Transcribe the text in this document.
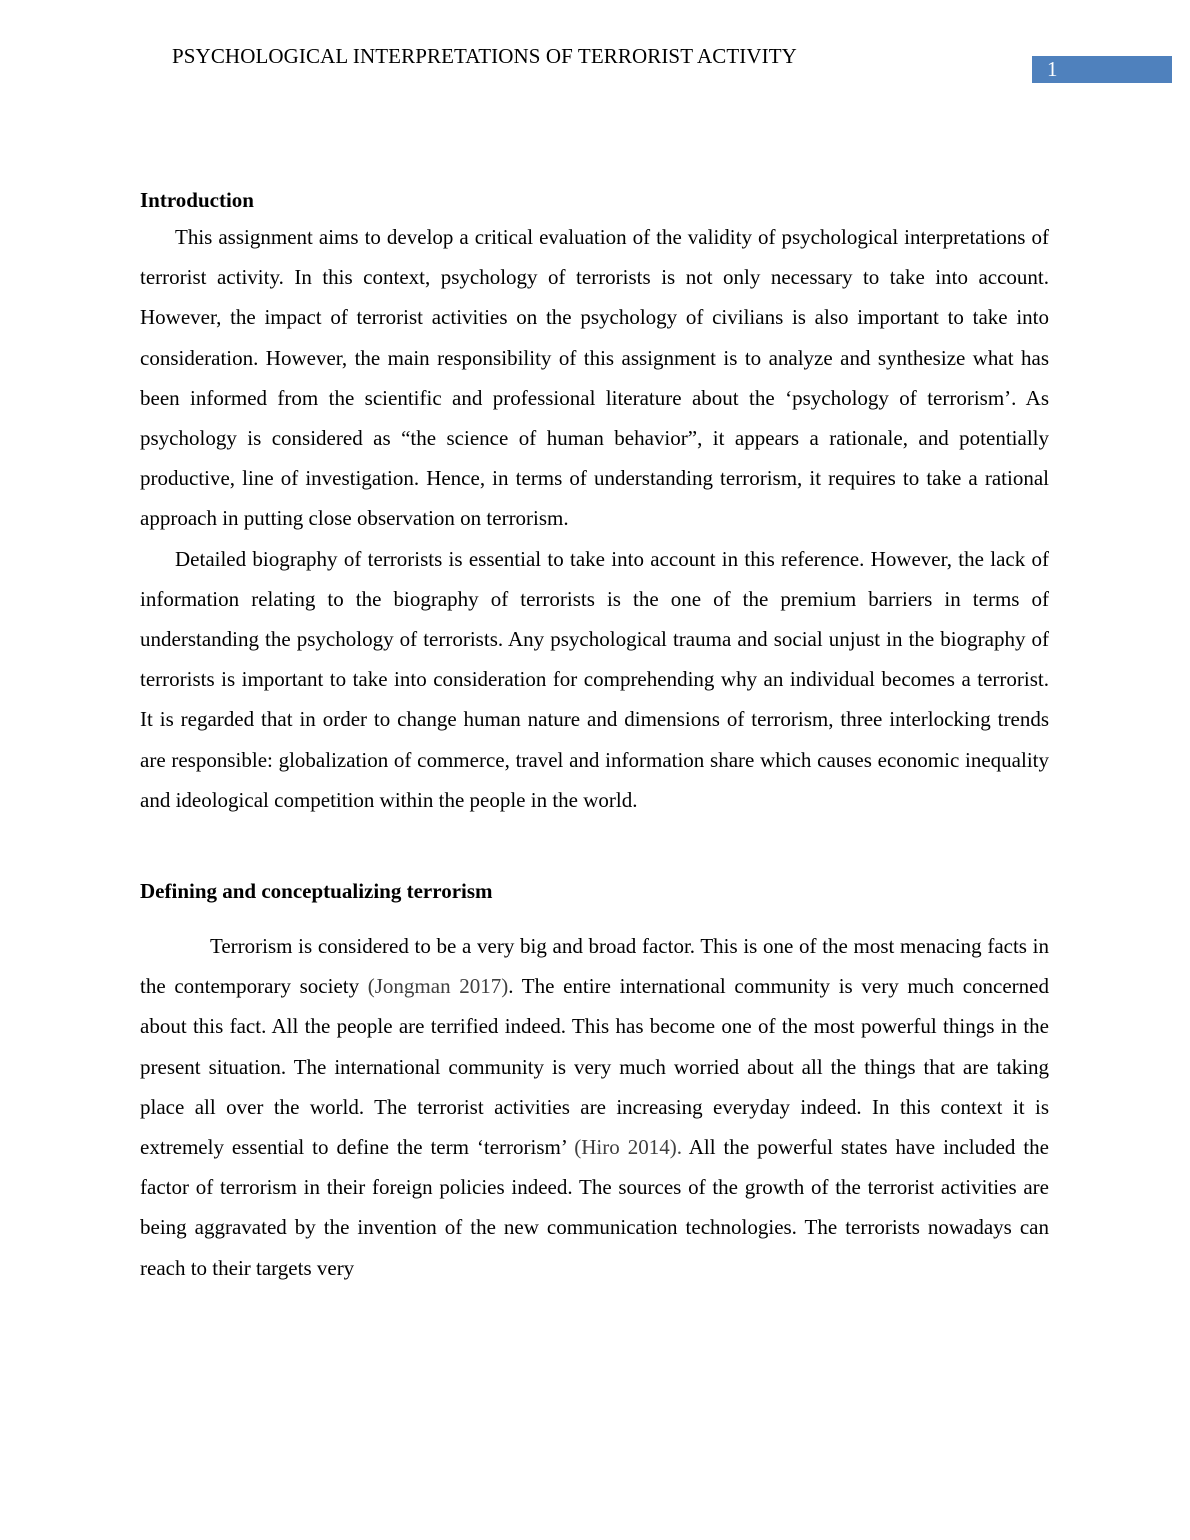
PSYCHOLOGICAL INTERPRETATIONS OF TERRORIST ACTIVITY
1
Introduction

This assignment aims to develop a critical evaluation of the validity of psychological interpretations of terrorist activity. In this context, psychology of terrorists is not only necessary to take into account. However, the impact of terrorist activities on the psychology of civilians is also important to take into consideration. However, the main responsibility of this assignment is to analyze and synthesize what has been informed from the scientific and professional literature about the ‘psychology of terrorism’. As psychology is considered as “the science of human behavior”, it appears a rationale, and potentially productive, line of investigation. Hence, in terms of understanding terrorism, it requires to take a rational approach in putting close observation on terrorism.

Detailed biography of terrorists is essential to take into account in this reference. However, the lack of information relating to the biography of terrorists is the one of the premium barriers in terms of understanding the psychology of terrorists. Any psychological trauma and social unjust in the biography of terrorists is important to take into consideration for comprehending why an individual becomes a terrorist. It is regarded that in order to change human nature and dimensions of terrorism, three interlocking trends are responsible: globalization of commerce, travel and information share which causes economic inequality and ideological competition within the people in the world.

Defining and conceptualizing terrorism

Terrorism is considered to be a very big and broad factor. This is one of the most menacing facts in the contemporary society (Jongman 2017). The entire international community is very much concerned about this fact. All the people are terrified indeed. This has become one of the most powerful things in the present situation. The international community is very much worried about all the things that are taking place all over the world. The terrorist activities are increasing everyday indeed. In this context it is extremely essential to define the term ‘terrorism’ (Hiro 2014). All the powerful states have included the factor of terrorism in their foreign policies indeed. The sources of the growth of the terrorist activities are being aggravated by the invention of the new communication technologies. The terrorists nowadays can reach to their targets very
